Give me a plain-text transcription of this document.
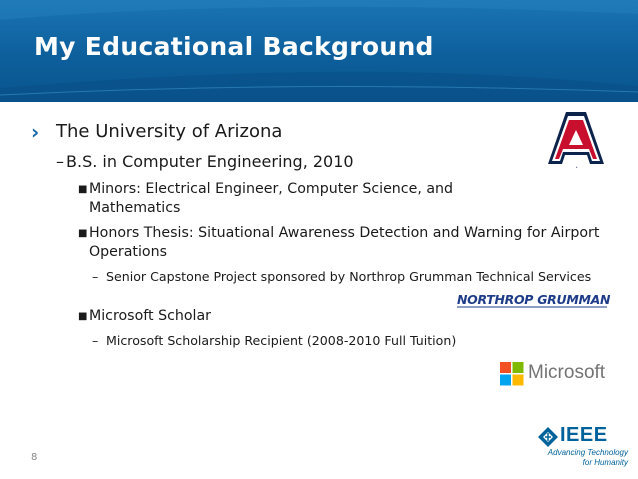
My Educational Background
› The University of Arizona
– B.S. in Computer Engineering, 2010
■ Minors: Electrical Engineer, Computer Science, and Mathematics
■ Honors Thesis: Situational Awareness Detection and Warning for Airport Operations
– Senior Capstone Project sponsored by Northrop Grumman Technical Services
■ Microsoft Scholar
– Microsoft Scholarship Recipient (2008-2010 Full Tuition)
A
NORTHROP GRUMMAN
Microsoft
IEEE
Advancing Technology
for Humanity
8
